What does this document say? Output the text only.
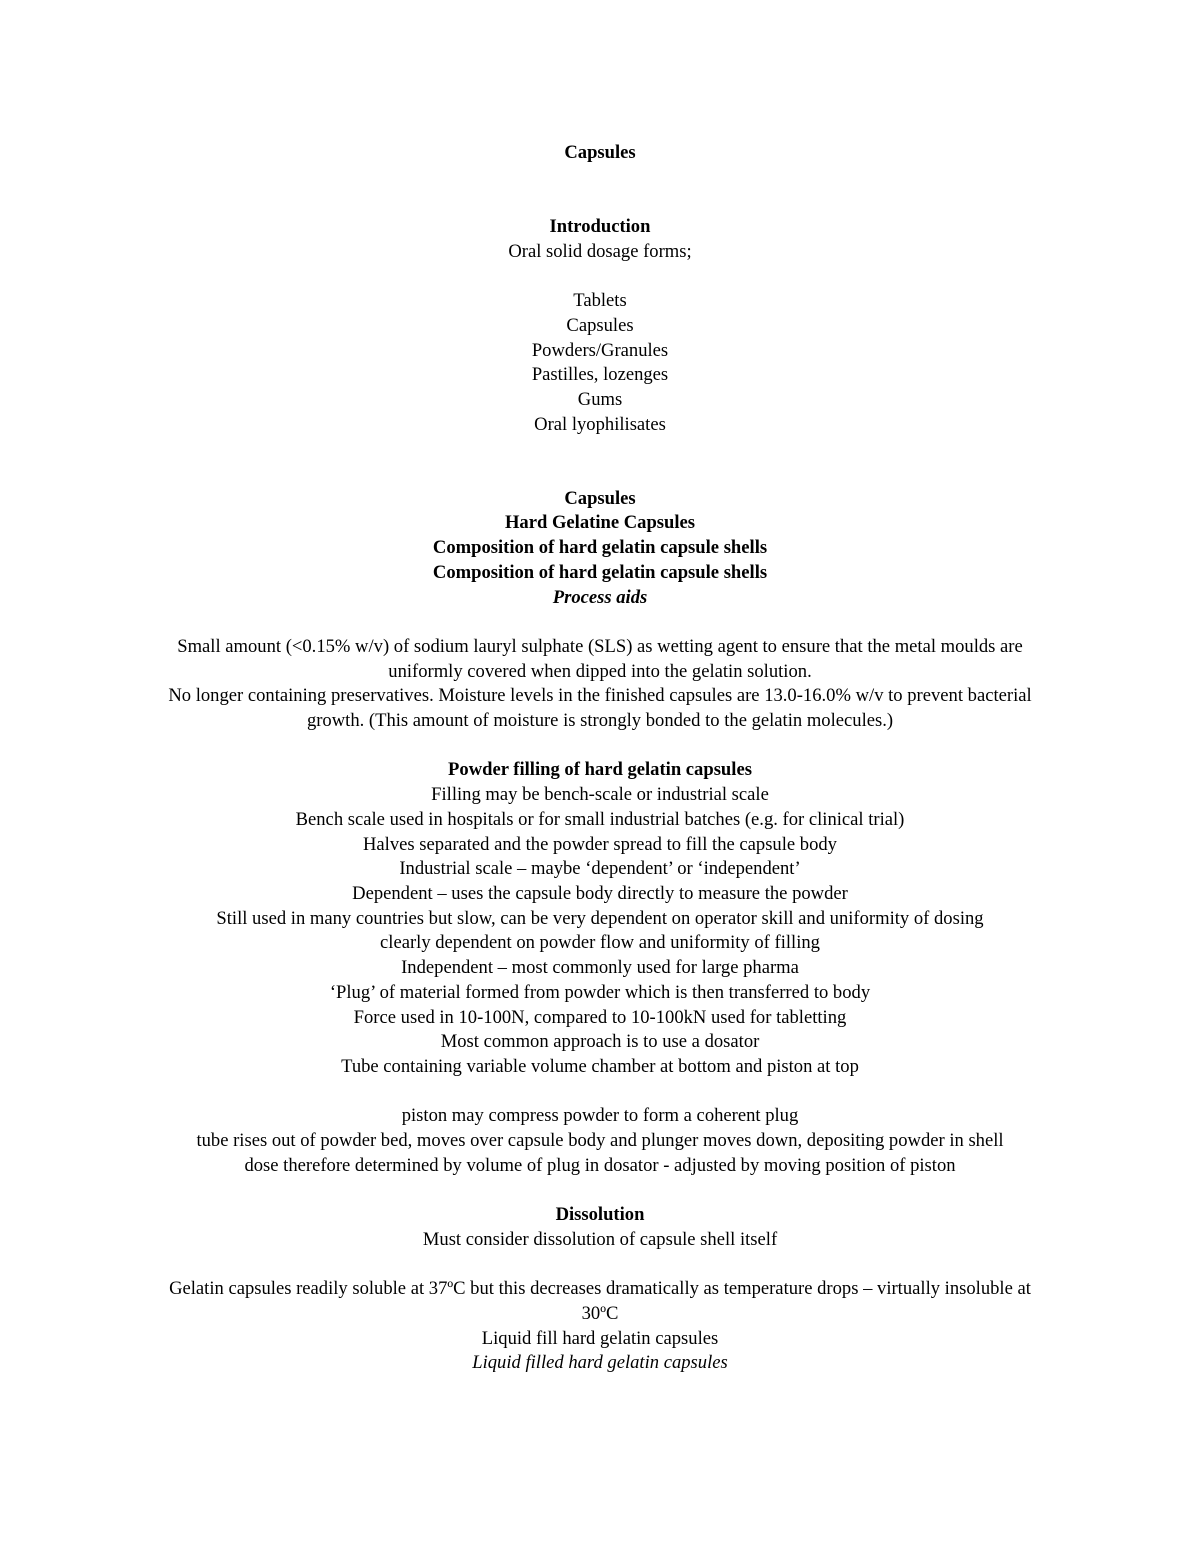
Capsules
Introduction
Oral solid dosage forms;
Tablets
Capsules
Powders/Granules
Pastilles, lozenges
Gums
Oral lyophilisates
Capsules
Hard Gelatine Capsules
Composition of hard gelatin capsule shells
Composition of hard gelatin capsule shells
Process aids
Small amount (<0.15% w/v) of sodium lauryl sulphate (SLS) as wetting agent to ensure that the metal moulds are uniformly covered when dipped into the gelatin solution.
No longer containing preservatives. Moisture levels in the finished capsules are 13.0-16.0% w/v to prevent bacterial growth. (This amount of moisture is strongly bonded to the gelatin molecules.)
Powder filling of hard gelatin capsules
Filling may be bench-scale or industrial scale
Bench scale used in hospitals or for small industrial batches (e.g. for clinical trial)
Halves separated and the powder spread to fill the capsule body
Industrial scale – maybe ‘dependent’ or ‘independent’
Dependent – uses the capsule body directly to measure the powder
Still used in many countries but slow, can be very dependent on operator skill and uniformity of dosing
clearly dependent on powder flow and uniformity of filling
Independent – most commonly used for large pharma
‘Plug’ of material formed from powder which is then transferred to body
Force used in 10-100N, compared to 10-100kN used for tabletting
Most common approach is to use a dosator
Tube containing variable volume chamber at bottom and piston at top
piston may compress powder to form a coherent plug
tube rises out of powder bed, moves over capsule body and plunger moves down, depositing powder in shell
dose therefore determined by volume of plug in dosator - adjusted by moving position of piston
Dissolution
Must consider dissolution of capsule shell itself
Gelatin capsules readily soluble at 37ºC but this decreases dramatically as temperature drops – virtually insoluble at 30ºC
Liquid fill hard gelatin capsules
Liquid filled hard gelatin capsules
